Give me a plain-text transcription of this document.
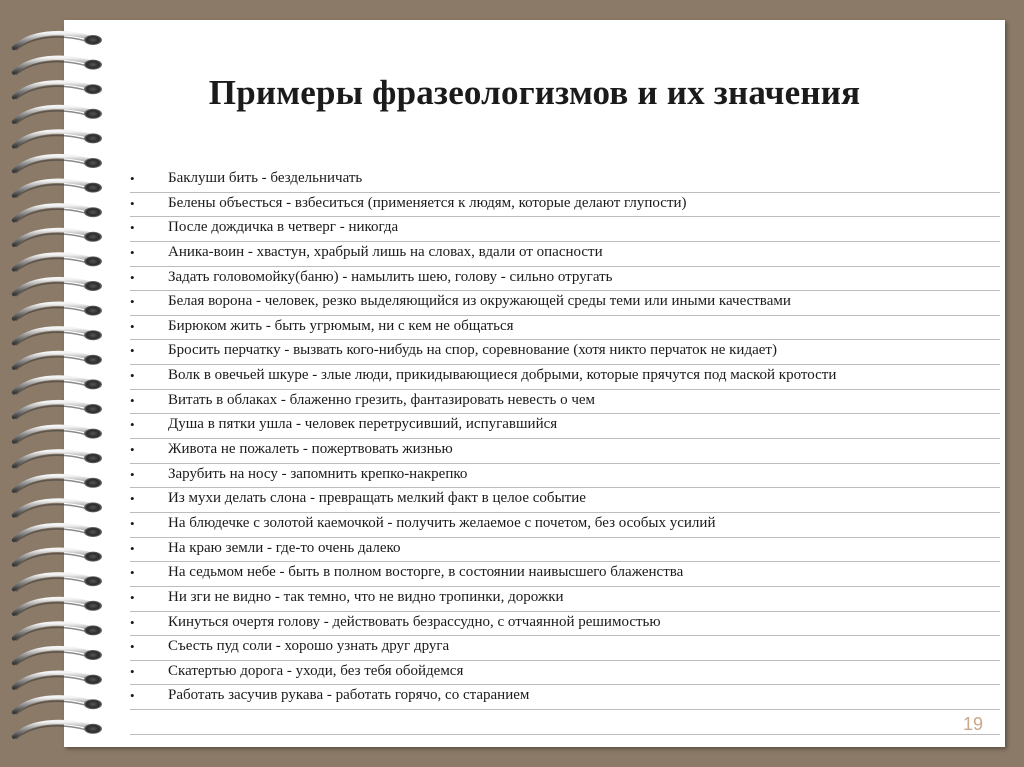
Примеры фразеологизмов и их значения
• Баклуши бить - бездельничать
• Белены объесться - взбеситься (применяется к людям, которые делают глупости)
• После дождичка в четверг - никогда
• Аника-воин - хвастун, храбрый лишь на словах, вдали от опасности
• Задать головомойку(баню) - намылить шею, голову - сильно отругать
• Белая ворона - человек, резко выделяющийся из окружающей среды теми или иными качествами
• Бирюком жить - быть угрюмым, ни с кем не общаться
• Бросить перчатку - вызвать кого-нибудь на спор, соревнование (хотя никто перчаток не кидает)
• Волк в овечьей шкуре - злые люди, прикидывающиеся добрыми, которые прячутся под маской кротости
• Витать в облаках - блаженно грезить, фантазировать невесть о чем
• Душа в пятки ушла - человек перетрусивший, испугавшийся
• Живота не пожалеть - пожертвовать жизнью
• Зарубить на носу - запомнить крепко-накрепко
• Из мухи делать слона - превращать мелкий факт в целое событие
• На блюдечке с золотой каемочкой - получить желаемое с почетом, без особых усилий
• На краю земли - где-то очень далеко
• На седьмом небе - быть в полном восторге, в состоянии наивысшего блаженства
• Ни зги не видно - так темно, что не видно тропинки, дорожки
• Кинуться очертя голову - действовать безрассудно, с отчаянной решимостью
• Съесть пуд соли - хорошо узнать друг друга
• Скатертью дорога - уходи, без тебя обойдемся
• Работать засучив рукава - работать горячо, со старанием
19
